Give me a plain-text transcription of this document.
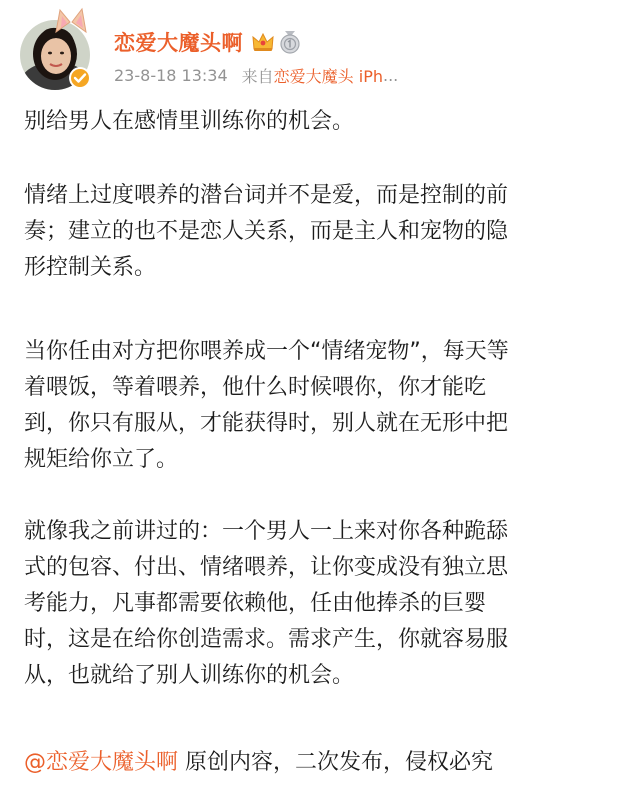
恋爱大魔头啊
23-8-18 13:34 来自 恋爱大魔头 iPh ...
别给男人在感情里训练你的机会。
情绪上过度喂养的潜台词并不是爱，而是控制的前
奏；建立的也不是恋人关系，而是主人和宠物的隐
形控制关系。
当你任由对方把你喂养成一个“情绪宠物”，每天等
着喂饭，等着喂养，他什么时候喂你，你才能吃
到，你只有服从，才能获得时，别人就在无形中把
规矩给你立了。
就像我之前讲过的：一个男人一上来对你各种跪舔
式的包容、付出、情绪喂养，让你变成没有独立思
考能力，凡事都需要依赖他，任由他捧杀的巨婴
时，这是在给你创造需求。需求产生，你就容易服
从，也就给了别人训练你的机会。
@恋爱大魔头啊 原创内容，二次发布，侵权必究
